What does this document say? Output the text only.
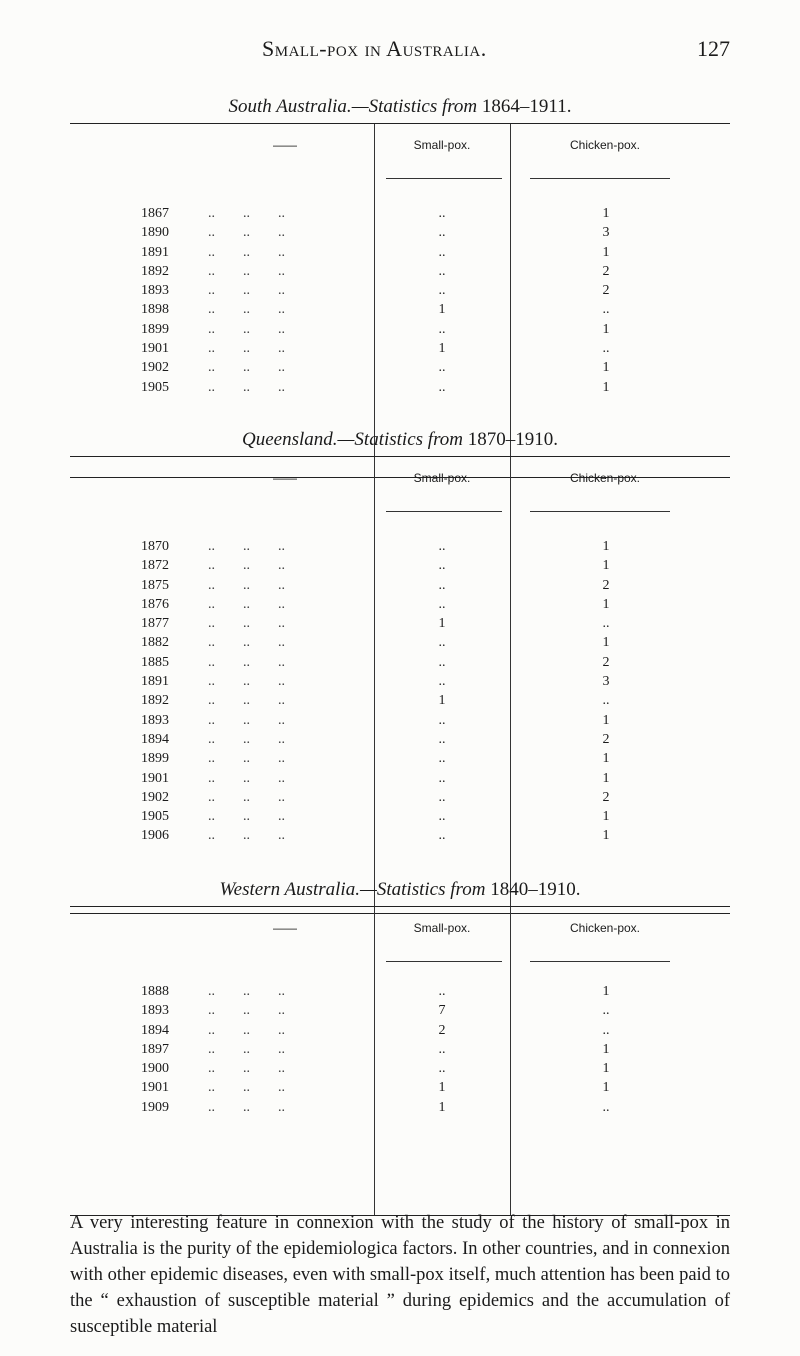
Small-pox in Australia.	127

South Australia.—Statistics from 1864–1911.

——	Small-pox.	Chicken-pox.
1867	..        ..        ..	..	1
1890	..        ..        ..	..	3
1891	..        ..        ..	..	1
1892	..        ..        ..	..	2
1893	..        ..        ..	..	2
1898	..        ..        ..	1	..
1899	..        ..        ..	..	1
1901	..        ..        ..	1	..
1902	..        ..        ..	..	1
1905	..        ..        ..	..	1

Queensland.—Statistics from 1870–1910.

——	Small-pox.	Chicken-pox.
1870	..        ..        ..	..	1
1872	..        ..        ..	..	1
1875	..        ..        ..	..	2
1876	..        ..        ..	..	1
1877	..        ..        ..	1	..
1882	..        ..        ..	..	1
1885	..        ..        ..	..	2
1891	..        ..        ..	..	3
1892	..        ..        ..	1	..
1893	..        ..        ..	..	1
1894	..        ..        ..	..	2
1899	..        ..        ..	..	1
1901	..        ..        ..	..	1
1902	..        ..        ..	..	2
1905	..        ..        ..	..	1
1906	..        ..        ..	..	1

Western Australia.—Statistics from 1840–1910.

——	Small-pox.	Chicken-pox.
1888	..        ..        ..	..	1
1893	..        ..        ..	7	..
1894	..        ..        ..	2	..
1897	..        ..        ..	..	1
1900	..        ..        ..	..	1
1901	..        ..        ..	1	1
1909	..        ..        ..	1	..

A very interesting feature in connexion with the study of the history of small-pox in Australia is the purity of the epidemiologica factors. In other countries, and in connexion with other epidemic diseases, even with small-pox itself, much attention has been paid to the “ exhaustion of susceptible material ” during epidemics and the accumulation of susceptible material
